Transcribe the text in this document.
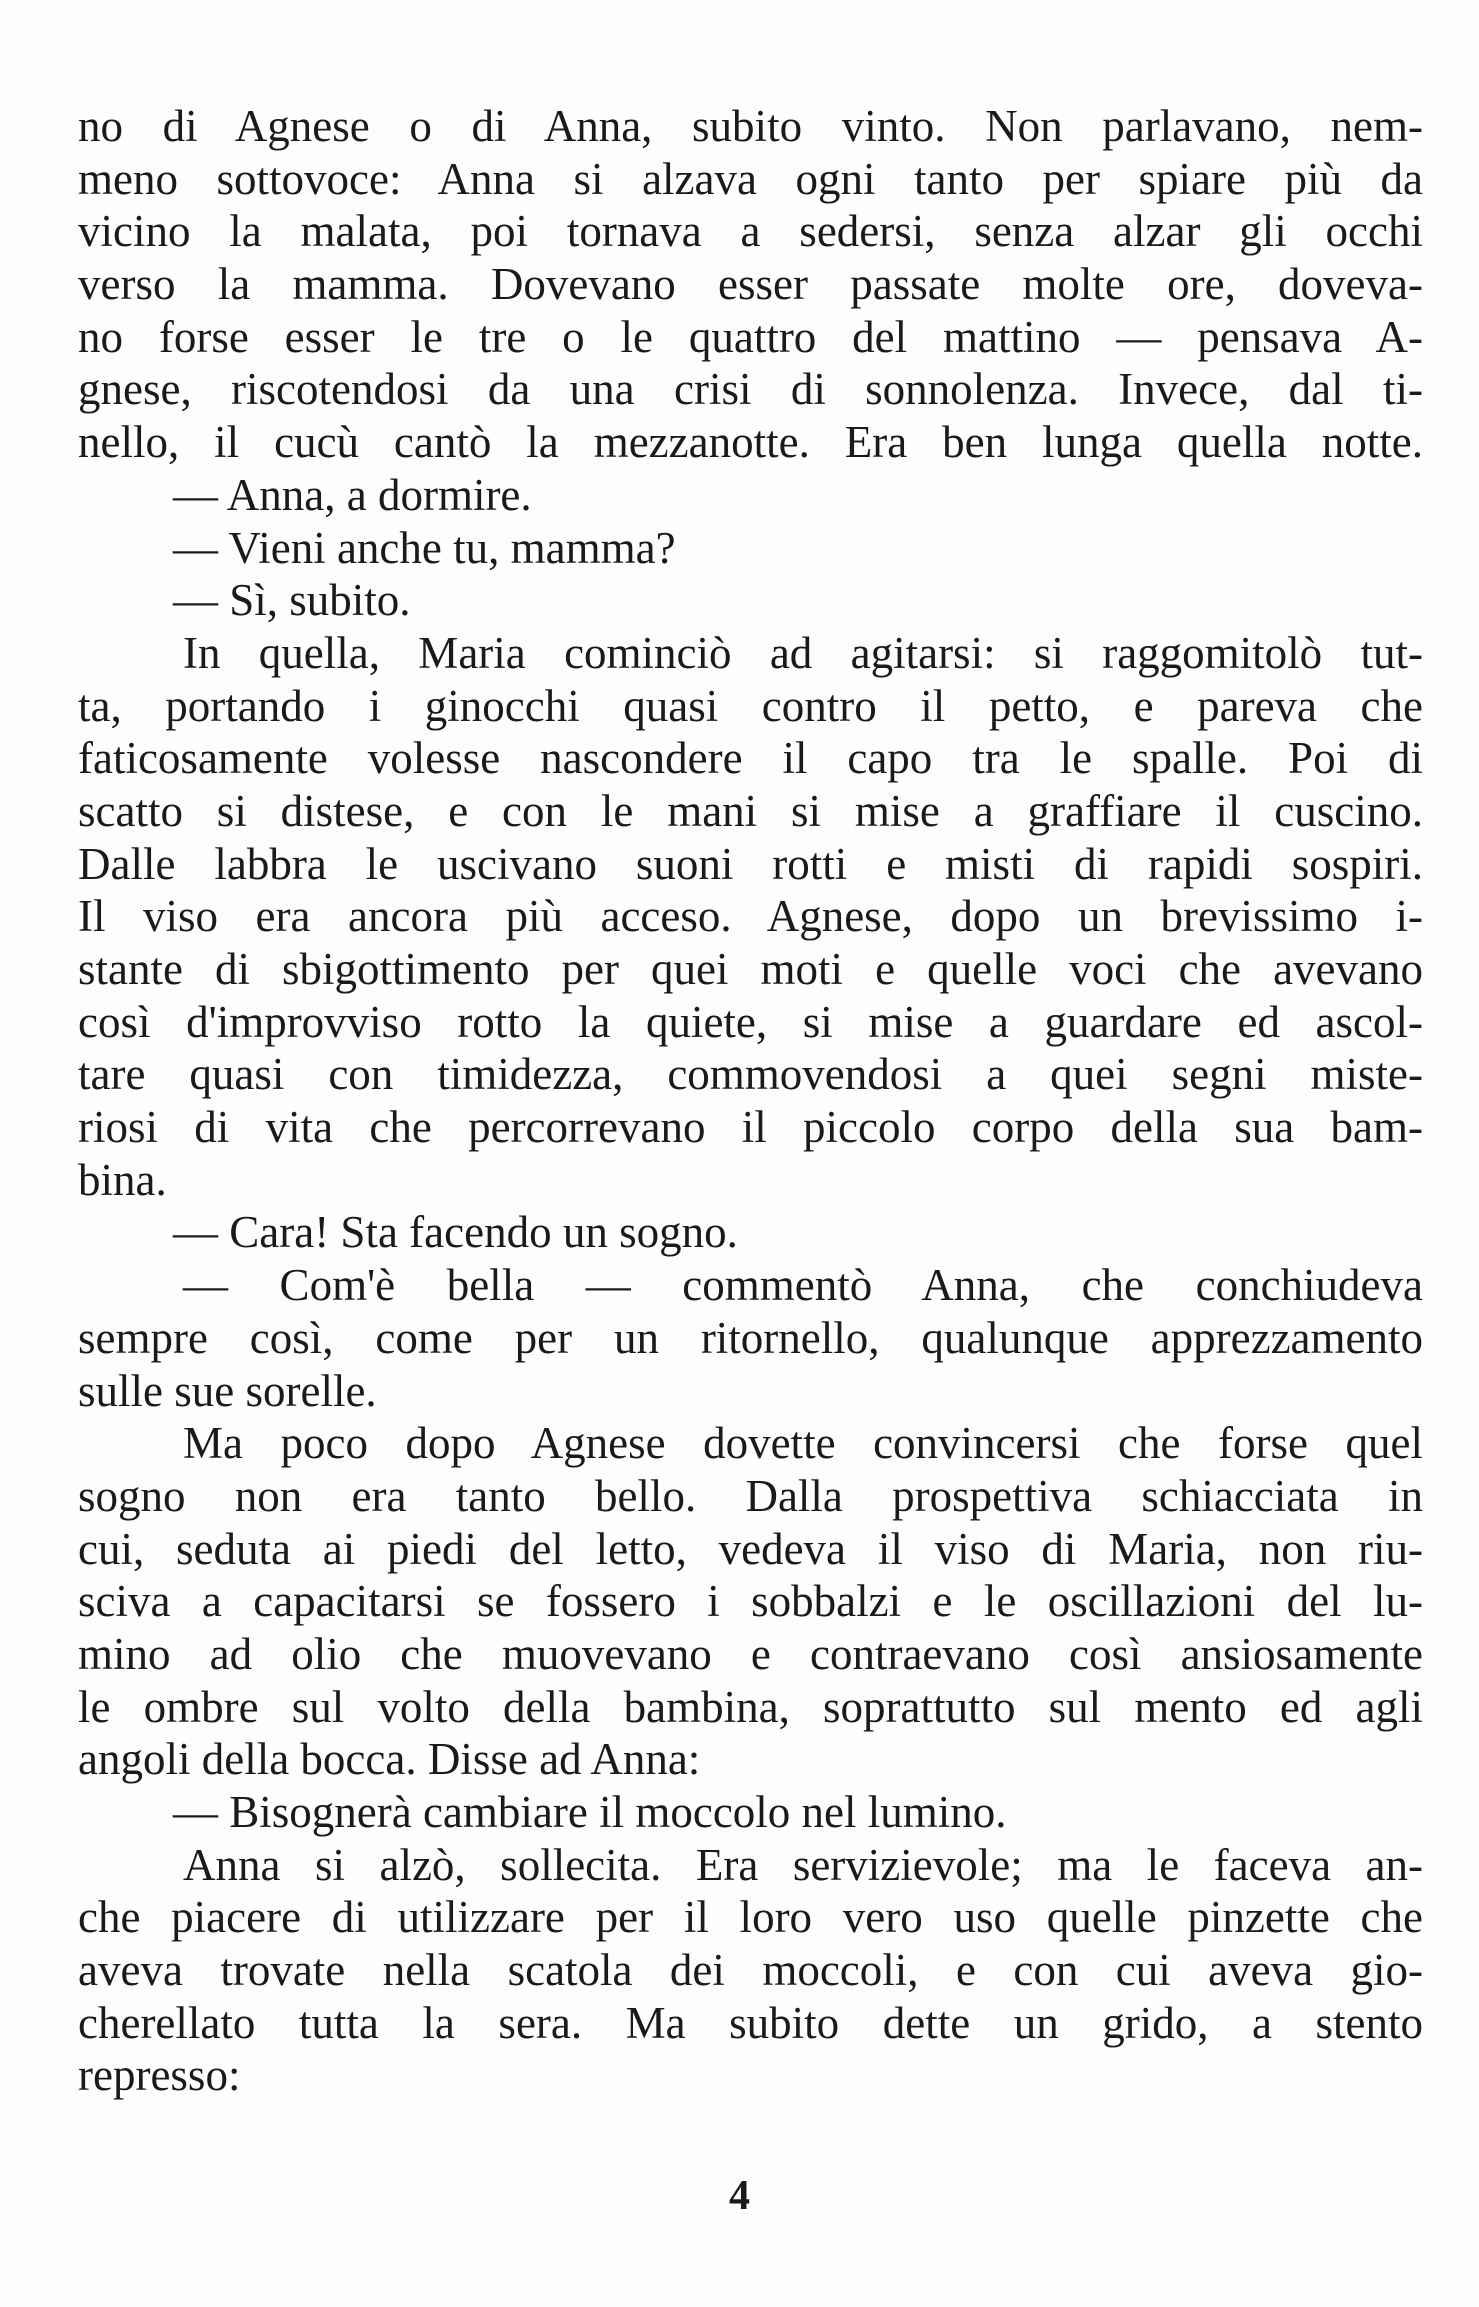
no di Agnese o di Anna, subito vinto. Non parlavano, nem-
meno sottovoce: Anna si alzava ogni tanto per spiare più da
vicino la malata, poi tornava a sedersi, senza alzar gli occhi
verso la mamma. Dovevano esser passate molte ore, doveva-
no forse esser le tre o le quattro del mattino — pensava A-
gnese, riscotendosi da una crisi di sonnolenza. Invece, dal ti-
nello, il cucù cantò la mezzanotte. Era ben lunga quella notte.
— Anna, a dormire.
— Vieni anche tu, mamma?
— Sì, subito.
In quella, Maria cominciò ad agitarsi: si raggomitolò tut-
ta, portando i ginocchi quasi contro il petto, e pareva che
faticosamente volesse nascondere il capo tra le spalle. Poi di
scatto si distese, e con le mani si mise a graffiare il cuscino.
Dalle labbra le uscivano suoni rotti e misti di rapidi sospiri.
Il viso era ancora più acceso. Agnese, dopo un brevissimo i-
stante di sbigottimento per quei moti e quelle voci che avevano
così d'improvviso rotto la quiete, si mise a guardare ed ascol-
tare quasi con timidezza, commovendosi a quei segni miste-
riosi di vita che percorrevano il piccolo corpo della sua bam-
bina.
— Cara! Sta facendo un sogno.
— Com'è bella — commentò Anna, che conchiudeva
sempre così, come per un ritornello, qualunque apprezzamento
sulle sue sorelle.
Ma poco dopo Agnese dovette convincersi che forse quel
sogno non era tanto bello. Dalla prospettiva schiacciata in
cui, seduta ai piedi del letto, vedeva il viso di Maria, non riu-
sciva a capacitarsi se fossero i sobbalzi e le oscillazioni del lu-
mino ad olio che muovevano e contraevano così ansiosamente
le ombre sul volto della bambina, soprattutto sul mento ed agli
angoli della bocca. Disse ad Anna:
— Bisognerà cambiare il moccolo nel lumino.
Anna si alzò, sollecita. Era servizievole; ma le faceva an-
che piacere di utilizzare per il loro vero uso quelle pinzette che
aveva trovate nella scatola dei moccoli, e con cui aveva gio-
cherellato tutta la sera. Ma subito dette un grido, a stento
represso:
4
